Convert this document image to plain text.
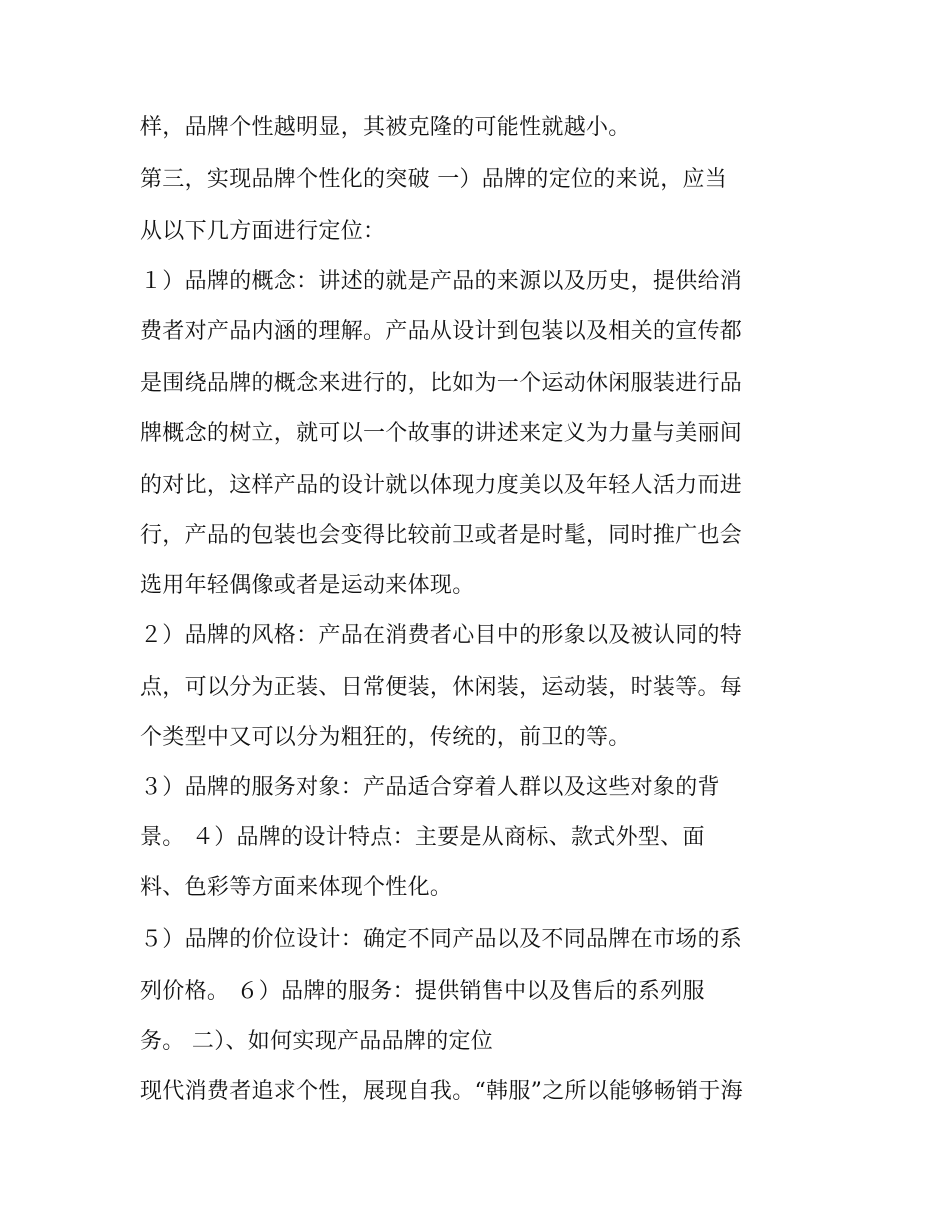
样，品牌个性越明显，其被克隆的可能性就越小。
第三，实现品牌个性化的突破 一）品牌的定位的来说，应当
从以下几方面进行定位：
１）品牌的概念：讲述的就是产品的来源以及历史，提供给消
费者对产品内涵的理解。产品从设计到包装以及相关的宣传都
是围绕品牌的概念来进行的，比如为一个运动休闲服装进行品
牌概念的树立，就可以一个故事的讲述来定义为力量与美丽间
的对比，这样产品的设计就以体现力度美以及年轻人活力而进
行，产品的包装也会变得比较前卫或者是时髦，同时推广也会
选用年轻偶像或者是运动来体现。
２）品牌的风格：产品在消费者心目中的形象以及被认同的特
点，可以分为正装、日常便装，休闲装，运动装，时装等。每
个类型中又可以分为粗狂的，传统的，前卫的等。
３）品牌的服务对象：产品适合穿着人群以及这些对象的背
景。 ４）品牌的设计特点：主要是从商标、款式外型、面
料、色彩等方面来体现个性化。
５）品牌的价位设计：确定不同产品以及不同品牌在市场的系
列价格。 ６）品牌的服务：提供销售中以及售后的系列服
务。 二）、如何实现产品品牌的定位
现代消费者追求个性，展现自我。“韩服”之所以能够畅销于海
